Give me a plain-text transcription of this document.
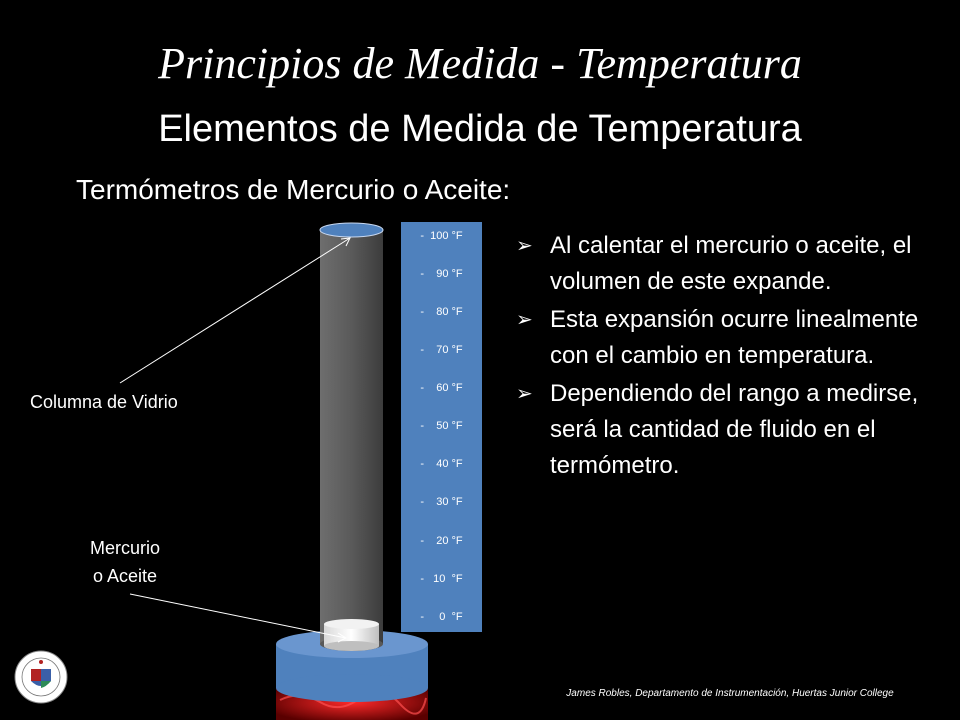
Principios de Medida - Temperatura
Elementos de Medida de Temperatura
Termómetros de Mercurio o Aceite:
-  100 °F
-    90 °F
-    80 °F
-    70 °F
-    60 °F
-    50 °F
-    40 °F
-    30 °F
-    20 °F
-   10  °F
-     0  °F
Columna de Vidrio
Mercurio
o Aceite
➢ Al calentar el mercurio o aceite, el volumen de este expande.
➢ Esta expansión ocurre linealmente con el cambio en temperatura.
➢ Dependiendo del rango a medirse, será la cantidad de fluido en el termómetro.
James Robles, Departamento de Instrumentación, Huertas Junior College
